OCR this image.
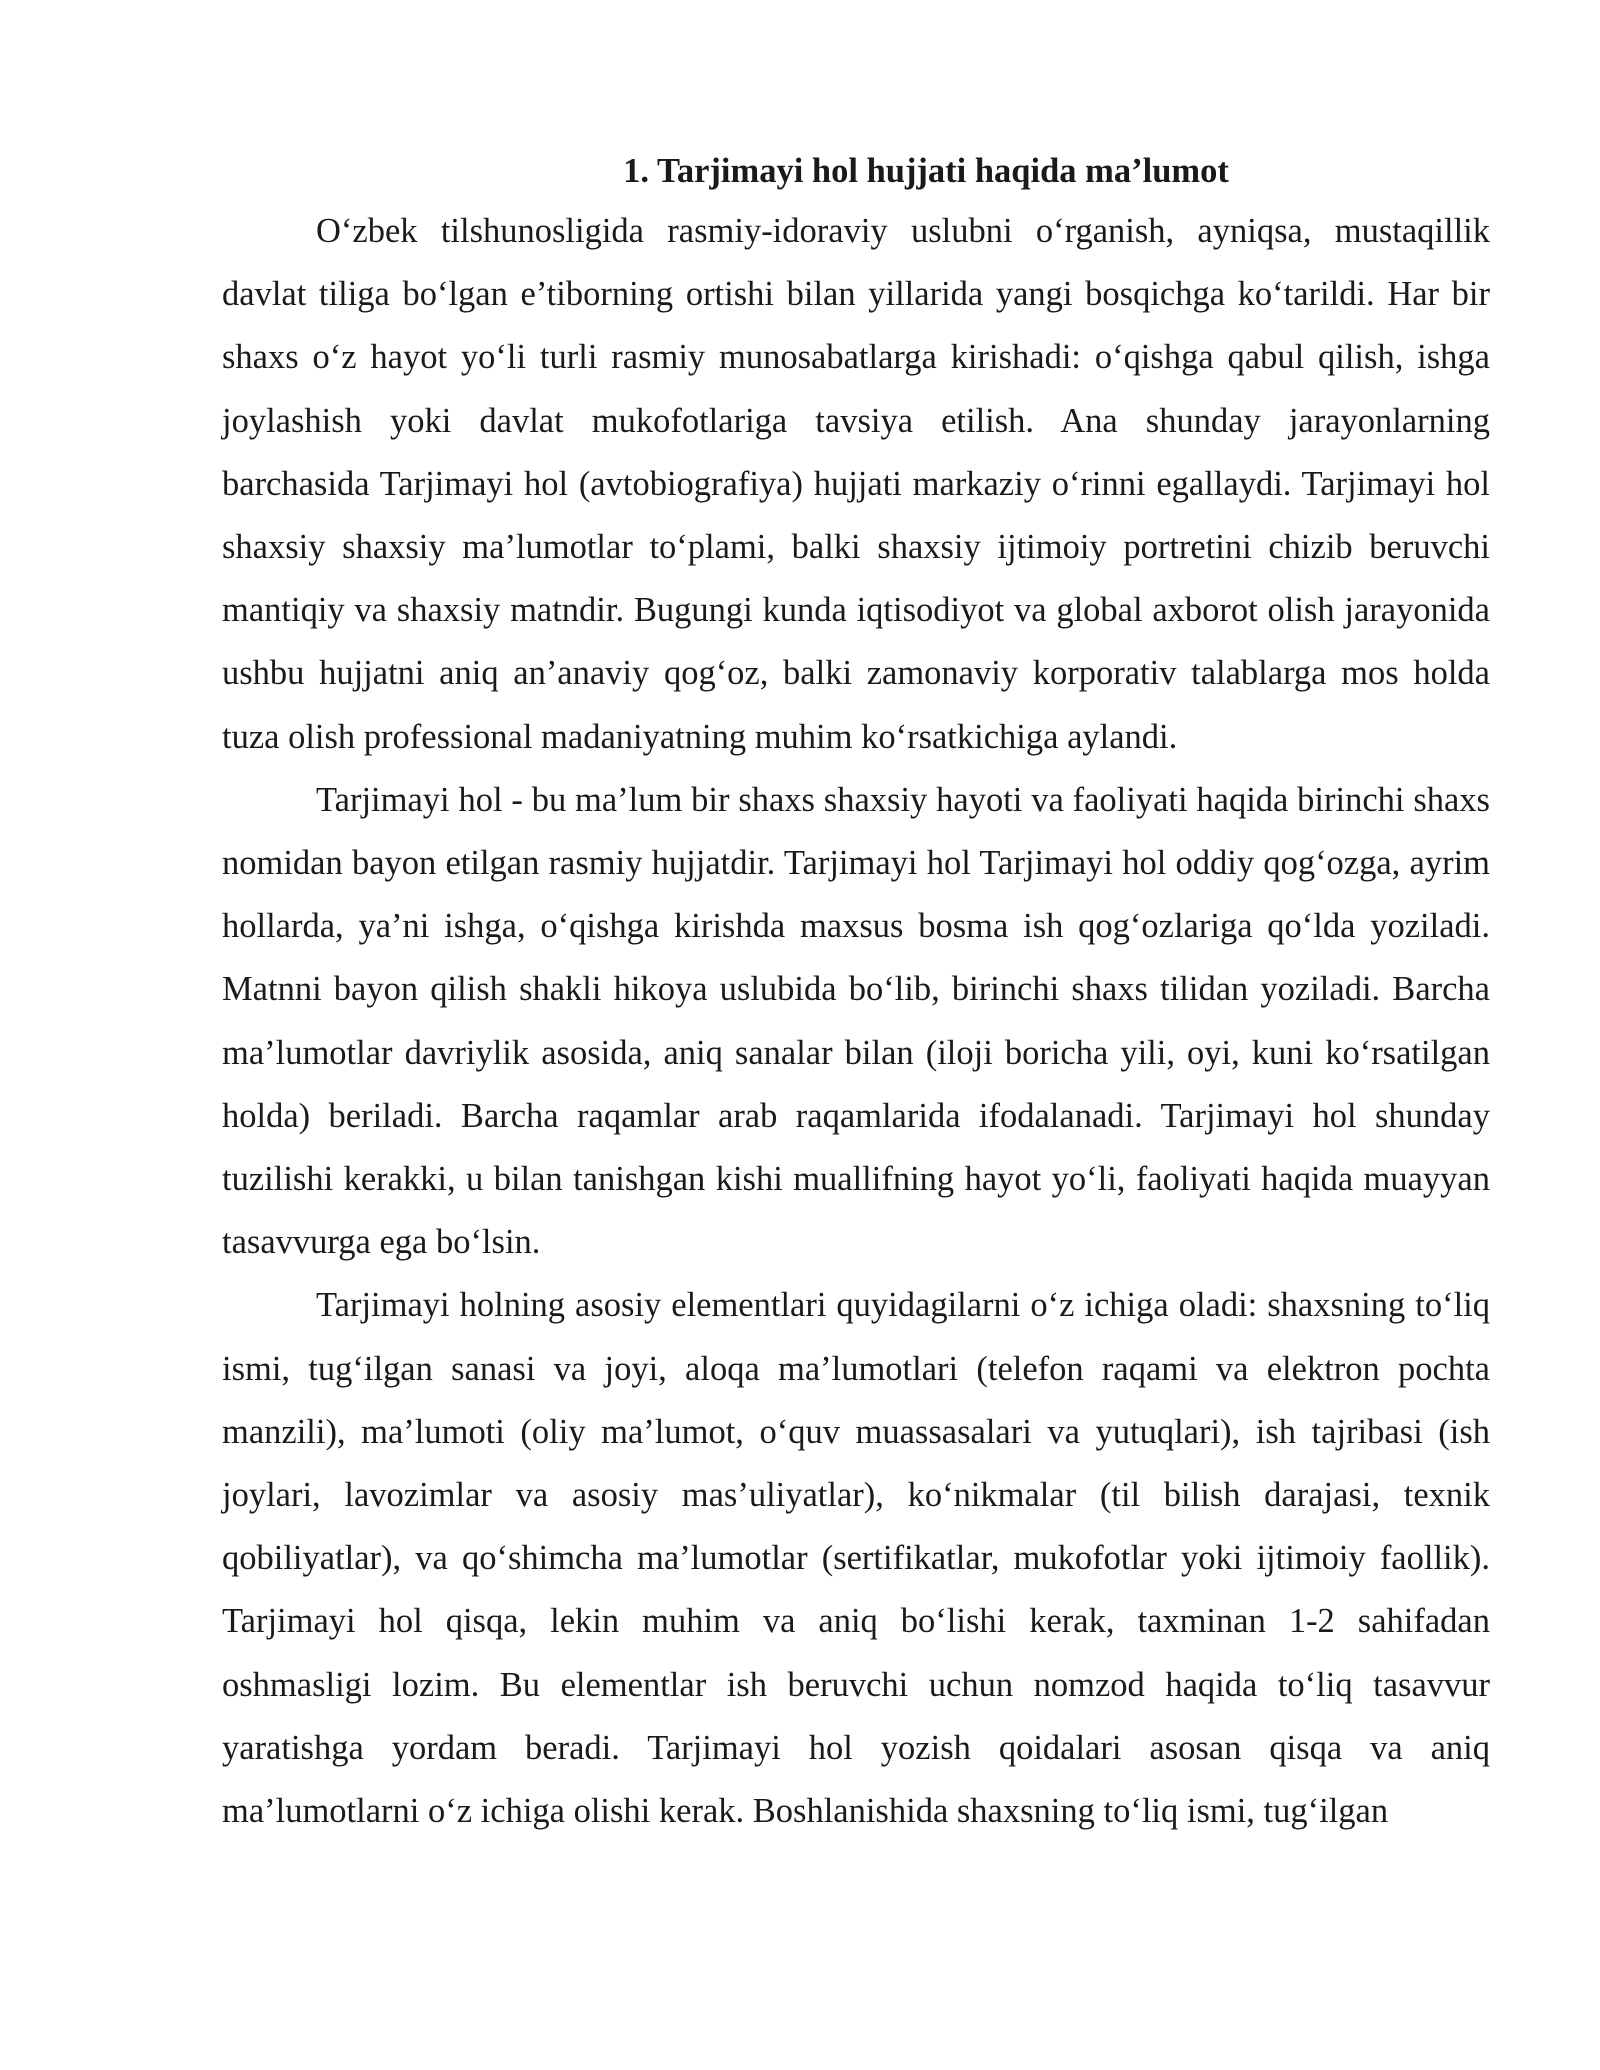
1. Tarjimayi hol hujjati haqida ma’lumot

O‘zbek tilshunosligida rasmiy-idoraviy uslubni o‘rganish, ayniqsa, mustaqillik davlat tiliga bo‘lgan e’tiborning ortishi bilan yillarida yangi bosqichga ko‘tarildi. Har bir shaxs o‘z hayot yo‘li turli rasmiy munosabatlarga kirishadi: o‘qishga qabul qilish, ishga joylashish yoki davlat mukofotlariga tavsiya etilish. Ana shunday jarayonlarning barchasida Tarjimayi hol (avtobiografiya) hujjati markaziy o‘rinni egallaydi. Tarjimayi hol shaxsiy shaxsiy ma’lumotlar to‘plami, balki shaxsiy ijtimoiy portretini chizib beruvchi mantiqiy va shaxsiy matndir. Bugungi kunda iqtisodiyot va global axborot olish jarayonida ushbu hujjatni aniq an’anaviy qog‘oz, balki zamonaviy korporativ talablarga mos holda tuza olish professional madaniyatning muhim ko‘rsatkichiga aylandi.

Tarjimayi hol - bu ma’lum bir shaxs shaxsiy hayoti va faoliyati haqida birinchi shaxs nomidan bayon etilgan rasmiy hujjatdir. Tarjimayi hol Tarjimayi hol oddiy qog‘ozga, ayrim hollarda, ya’ni ishga, o‘qishga kirishda maxsus bosma ish qog‘ozlariga qo‘lda yoziladi. Matnni bayon qilish shakli hikoya uslubida bo‘lib, birinchi shaxs tilidan yoziladi. Barcha ma’lumotlar davriylik asosida, aniq sanalar bilan (iloji boricha yili, oyi, kuni ko‘rsatilgan holda) beriladi. Barcha raqamlar arab raqamlarida ifodalanadi. Tarjimayi hol shunday tuzilishi kerakki, u bilan tanishgan kishi muallifning hayot yo‘li, faoliyati haqida muayyan tasavvurga ega bo‘lsin.

Tarjimayi holning asosiy elementlari quyidagilarni o‘z ichiga oladi: shaxsning to‘liq ismi, tug‘ilgan sanasi va joyi, aloqa ma’lumotlari (telefon raqami va elektron pochta manzili), ma’lumoti (oliy ma’lumot, o‘quv muassasalari va yutuqlari), ish tajribasi (ish joylari, lavozimlar va asosiy mas’uliyatlar), ko‘nikmalar (til bilish darajasi, texnik qobiliyatlar), va qo‘shimcha ma’lumotlar (sertifikatlar, mukofotlar yoki ijtimoiy faollik). Tarjimayi hol qisqa, lekin muhim va aniq bo‘lishi kerak, taxminan 1-2 sahifadan oshmasligi lozim. Bu elementlar ish beruvchi uchun nomzod haqida to‘liq tasavvur yaratishga yordam beradi. Tarjimayi hol yozish qoidalari asosan qisqa va aniq ma’lumotlarni o‘z ichiga olishi kerak. Boshlanishida shaxsning to‘liq ismi, tug‘ilgan
